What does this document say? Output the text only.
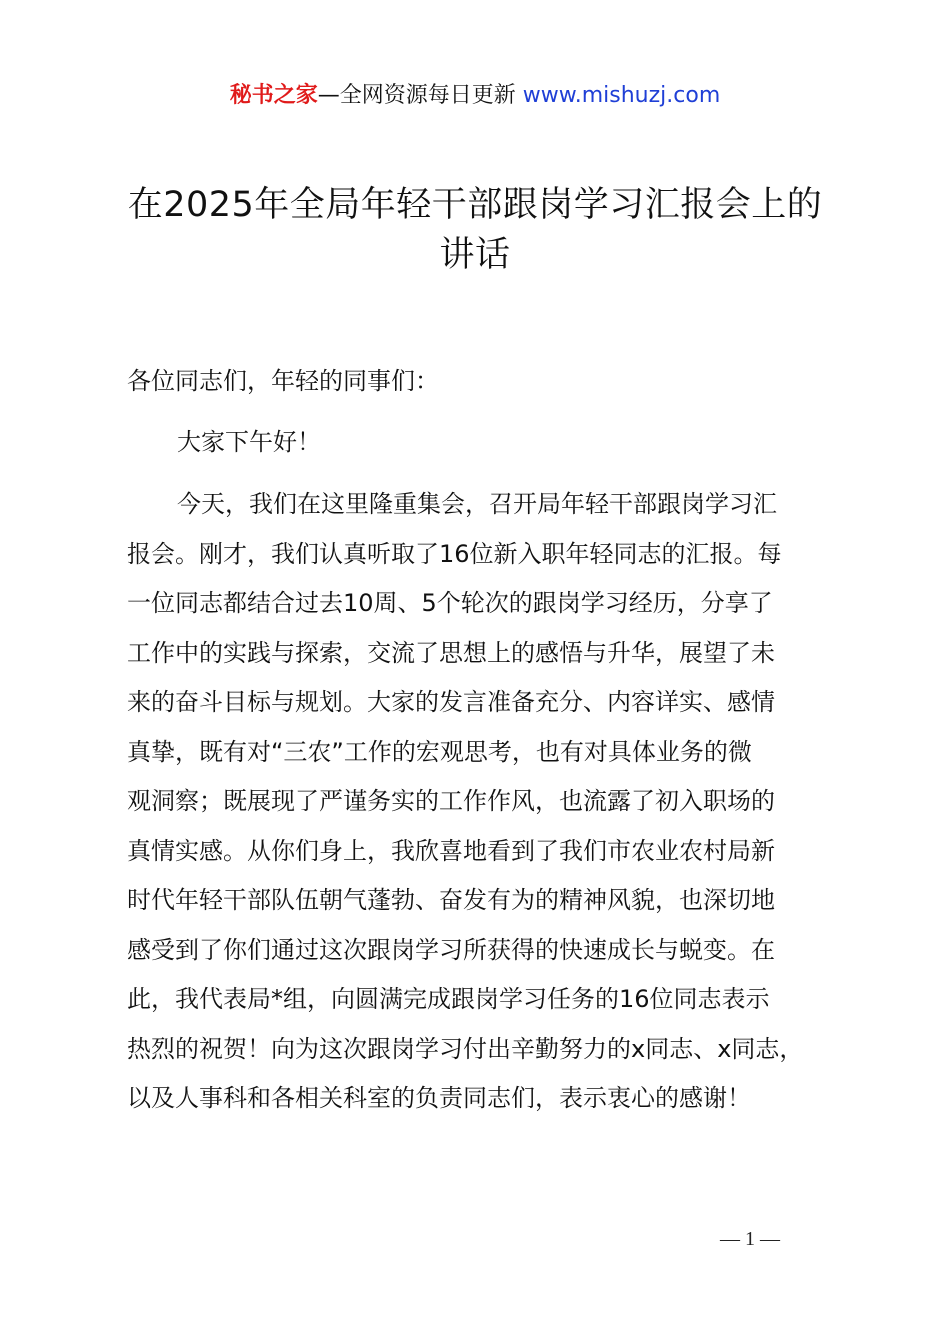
秘书之家—全网资源每日更新 www.mishuzj.com
在2025年全局年轻干部跟岗学习汇报会上的讲话
各位同志们，年轻的同事们：
大家下午好！
今天，我们在这里隆重集会，召开局年轻干部跟岗学习汇
报会。刚才，我们认真听取了16位新入职年轻同志的汇报。每
一位同志都结合过去10周、5个轮次的跟岗学习经历，分享了
工作中的实践与探索，交流了思想上的感悟与升华，展望了未
来的奋斗目标与规划。大家的发言准备充分、内容详实、感情
真挚，既有对“三农”工作的宏观思考，也有对具体业务的微
观洞察；既展现了严谨务实的工作作风，也流露了初入职场的
真情实感。从你们身上，我欣喜地看到了我们市农业农村局新
时代年轻干部队伍朝气蓬勃、奋发有为的精神风貌，也深切地
感受到了你们通过这次跟岗学习所获得的快速成长与蜕变。在
此，我代表局*组，向圆满完成跟岗学习任务的16位同志表示
热烈的祝贺！向为这次跟岗学习付出辛勤努力的x同志、x同志，
以及人事科和各相关科室的负责同志们，表示衷心的感谢！
— 1 —
